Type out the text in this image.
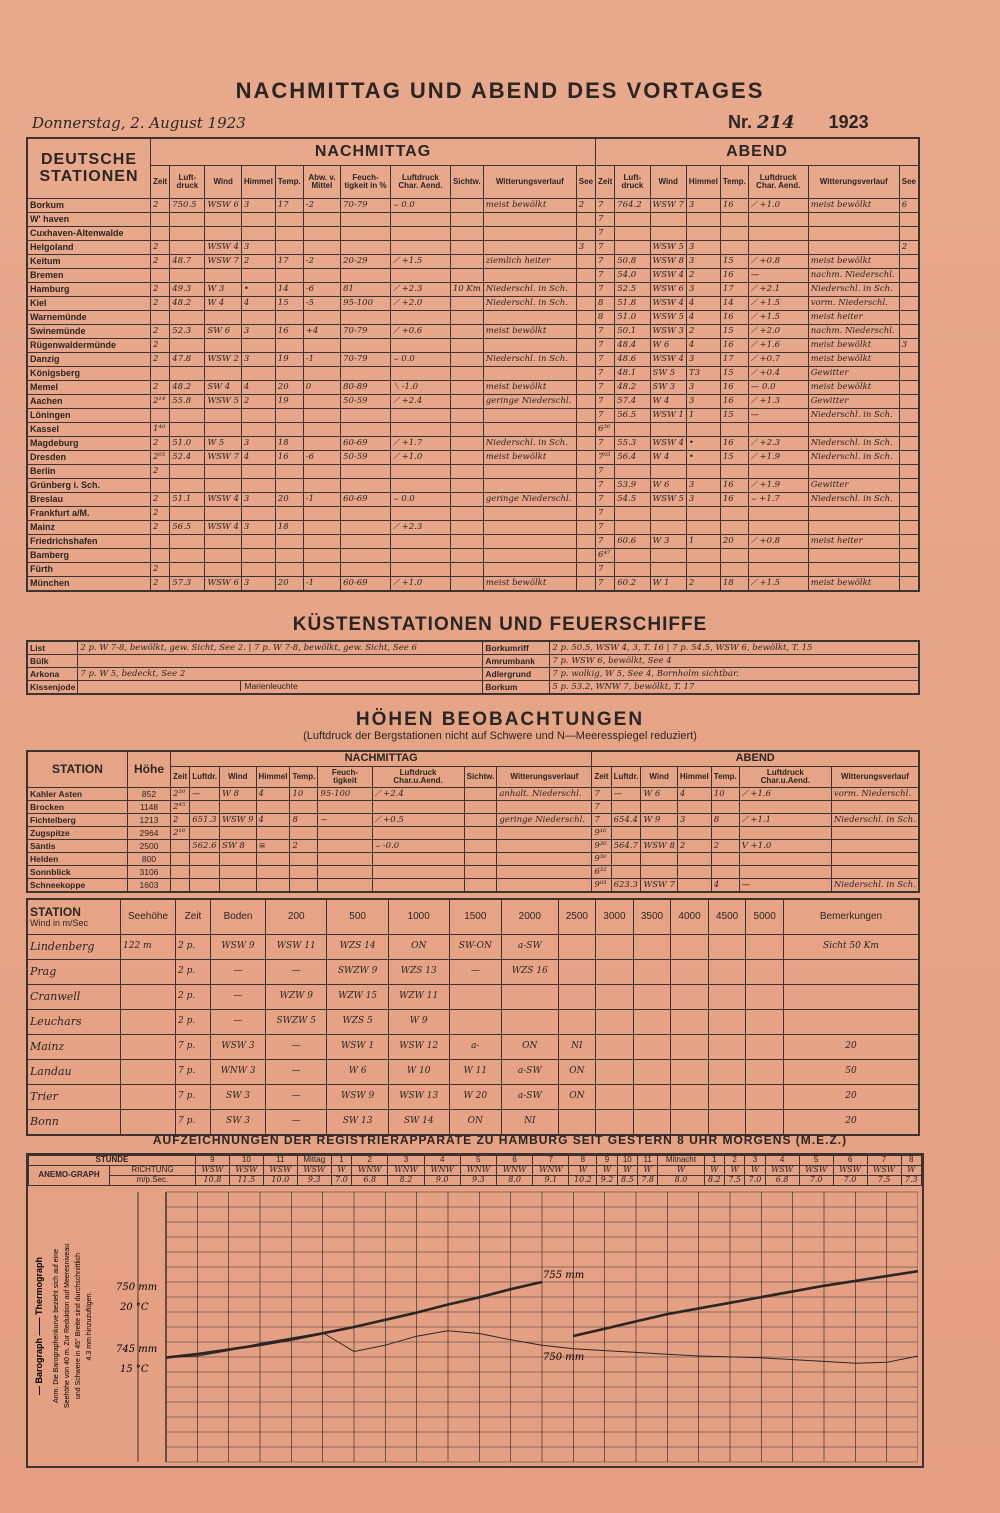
NACHMITTAG UND ABEND DES VORTAGES
Donnerstag, 2. August 1923	Nr. 214 1923
DEUTSCHE STATIONEN	NACHMITTAG											ABEND							
	Zeit	Luft-druck	Wind	Himmel	Temp.	Abw. v. Mittel	Feuch-tigkeit in %	Luftdruck Char. Aend.	Sichtw.	Witterungsverlauf	See	Zeit	Luft-druck	Wind	Himmel	Temp.	Luftdruck Char. Aend.	Witterungsverlauf	See
Borkum	2	750.5	WSW 6	3	17	-2	70-79	⌣ 0.0		meist bewölkt	2	7	764.2	WSW 7	3	16	⟋ +1.0	meist bewölkt	6
W' haven												7							
Cuxhaven-Altenwalde												7							
Helgoland	2		WSW 4	3							3	7		WSW 5	3				2
Keitum	2	48.7	WSW 7	2	17	-2	20-29	⟋ +1.5		ziemlich heiter		7	50.8	WSW 8	3	15	⟋ +0.8	meist bewölkt	
Bremen												7	54.0	WSW 4	2	16	—	nachm. Niederschl.	
Hamburg	2	49.3	W 3	•	14	-6	81	⟋ +2.3	10 Km	Niederschl. in Sch.		7	52.5	WSW 6	3	17	⟋ +2.1	Niederschl. in Sch.	
Kiel	2	48.2	W 4	4	15	-5	95-100	⟋ +2.0		Niederschl. in Sch.		8	51.8	WSW 4	4	14	⟋ +1.5	vorm. Niederschl.	
Warnemünde												8	51.0	WSW 5	4	16	⟋ +1.5	meist heiter	
Swinemünde	2	52.3	SW 6	3	16	+4	70-79	⟋ +0.6		meist bewölkt		7	50.1	WSW 3	2	15	⟋ +2.0	nachm. Niederschl.	
Rügenwaldermünde	2											7	48.4	W 6	4	16	⟋ +1.6	meist bewölkt	3
Danzig	2	47.8	WSW 2	3	19	-1	70-79	⌣ 0.0		Niederschl. in Sch.		7	48.6	WSW 4	3	17	⟋ +0.7	meist bewölkt	
Königsberg												7	48.1	SW 5	T3	15	⟋ +0.4	Gewitter	
Memel	2	48.2	SW 4	4	20	0	80-89	⟍ -1.0		meist bewölkt		7	48.2	SW 3	3	16	— 0.0	meist bewölkt	
Aachen	2¹⁴	55.8	WSW 5	2	19		50-59	⟋ +2.4		geringe Niederschl.		7	57.4	W 4	3	16	⟋ +1.3	Gewitter	
Löningen												7	56.5	WSW 1	1	15	—	Niederschl. in Sch.	
Kassel	1⁴⁰											6³⁰							
Magdeburg	2	51.0	W 5	3	18		60-69	⟋ +1.7		Niederschl. in Sch.		7	55.3	WSW 4	•	16	⟋ +2.3	Niederschl. in Sch.	
Dresden	2⁰⁵	52.4	WSW 7	4	16	-6	50-59	⟋ +1.0		meist bewölkt		7⁰⁵	56.4	W 4	•	15	⟋ +1.9	Niederschl. in Sch.	
Berlin	2											7							
Grünberg i. Sch.												7	53.9	W 6	3	16	⟋ +1.9	Gewitter	
Breslau	2	51.1	WSW 4	3	20	-1	60-69	⌣ 0.0		geringe Niederschl.		7	54.5	WSW 5	3	16	⌣ +1.7	Niederschl. in Sch.	
Frankfurt a/M.	2											7							
Mainz	2	56.5	WSW 4	3	18			⟋ +2.3				7							
Friedrichshafen												7	60.6	W 3	1	20	⟋ +0.8	meist heiter	
Bamberg												6⁴⁷							
Fürth	2											7							
München	2	57.3	WSW 6	3	20	-1	60-69	⟋ +1.0		meist bewölkt		7	60.2	W 1	2	18	⟋ +1.5	meist bewölkt	
KÜSTENSTATIONEN UND FEUERSCHIFFE
List	2 p. W 7-8, bewölkt, gew. Sicht, See 2. | 7 p. W 7-8, bewölkt, gew. Sicht, See 6	Borkumriff	2 p. 50.5, WSW 4, 3, T. 16 | 7 p. 54.5, WSW 6, bewölkt, T. 15
Bülk		Amrumbank	7 p. WSW 6, bewölkt, See 4
Arkona	7 p. W 5, bedeckt, See 2	Adlergrund	7 p. wolkig, W 5, See 4, Bornholm sichtbar.
Kissenjode	Marienleuchte	Borkum	5 p. 53.2, WNW 7, bewölkt, T. 17
HÖHEN BEOBACHTUNGEN
(Luftdruck der Bergstationen nicht auf Schwere und N—Meeresspiegel reduziert)
STATION	Höhe	NACHMITTAG									ABEND						
		Zeit	Luftdr.	Wind	Himmel	Temp.	Feuch-tigkeit	Luftdruck Char.u.Aend.	Sichtw.	Witterungsverlauf	Zeit	Luftdr.	Wind	Himmel	Temp.	Luftdruck Char.u.Aend.	Witterungsverlauf
Kahler Asten	852	2³⁰	—	W 8	4	10	95-100	⟋ +2.4		anhalt. Niederschl.	7	—	W 6	4	10	⟋ +1.6	vorm. Niederschl.
Brocken	1148	2⁴⁵									7						
Fichtelberg	1213	2	651.3	WSW 9	4	8	~	⟋ +0.5		geringe Niederschl.	7	654.4	W 9	3	8	⟋ +1.1	Niederschl. in Sch.
Zugspitze	2964	2¹⁶									9¹⁶						
Säntis	2500		562.6	SW 8	≡	2		⌣ -0.0			9³⁰	564.7	WSW 8	2	2	V +1.0	
Helden	800										9³⁰						
Sonnblick	3106										6³²						
Schneekoppe	1603										9⁰³	623.3	WSW 7		4	—	Niederschl. in Sch.
STATION
Wind in m/Sec	Seehöhe	Zeit	Boden	200	500	1000	1500	2000	2500	3000	3500	4000	4500	5000	Bemerkungen
Lindenberg	122 m	2 p.	WSW 9	WSW 11	WZS 14	ON	SW-ON	a-SW							Sicht 50 Km
Prag		2 p.	—	—	SWZW 9	WZS 13	—	WZS 16							
Cranwell		2 p.	—	WZW 9	WZW 15	WZW 11									
Leuchars		2 p.	—	SWZW 5	WZS 5	W 9									
Mainz		7 p.	WSW 3	—	WSW 1	WSW 12	a-	ON	NI						20
Landau		7 p.	WNW 3	—	W 6	W 10	W 11	a-SW	ON						50
Trier		7 p.	SW 3	—	WSW 9	WSW 13	W 20	a-SW	ON						20
Bonn		7 p.	SW 3	—	SW 13	SW 14	ON	NI							20
AUFZEICHNUNGEN DER REGISTRIERAPPARATE ZU HAMBURG SEIT GESTERN 8 UHR MORGENS (M.E.Z.)
STUNDE		9	10	11	Mittag	1	2	3	4	5	6	7	8	9	10	11	Mitnacht	1	2	3	4	5	6	7	8
ANEMO-GRAPH	RICHTUNG	WSW	WSW	WSW	WSW	W	WNW	WNW	WNW	WNW	WNW	WNW	W	W	W	W	W	W	W	W	WSW	WSW	WSW	WSW	W
	m/p.Sec.	10.8	11.5	10.0	9.3	7.0	6.8	8.2	9.0	9.3	8.0	9.1	10.2	9.2	8.5	7.8	8.0	8.2	7.5	7.0	6.8	7.0	7.0	7.5	7.3
— Barograph —— Thermograph Anm. Die Barographenkurve bezieht sich auf eine Seehöhe von 40 m. Zur Reduktion auf Meeresniveau und Schwere in 45° Breite sind durchschnittlich 4.3 mm hinzuzufügen.
750 mm
20 °C
745 mm
15 °C
755 mm
750 mm
